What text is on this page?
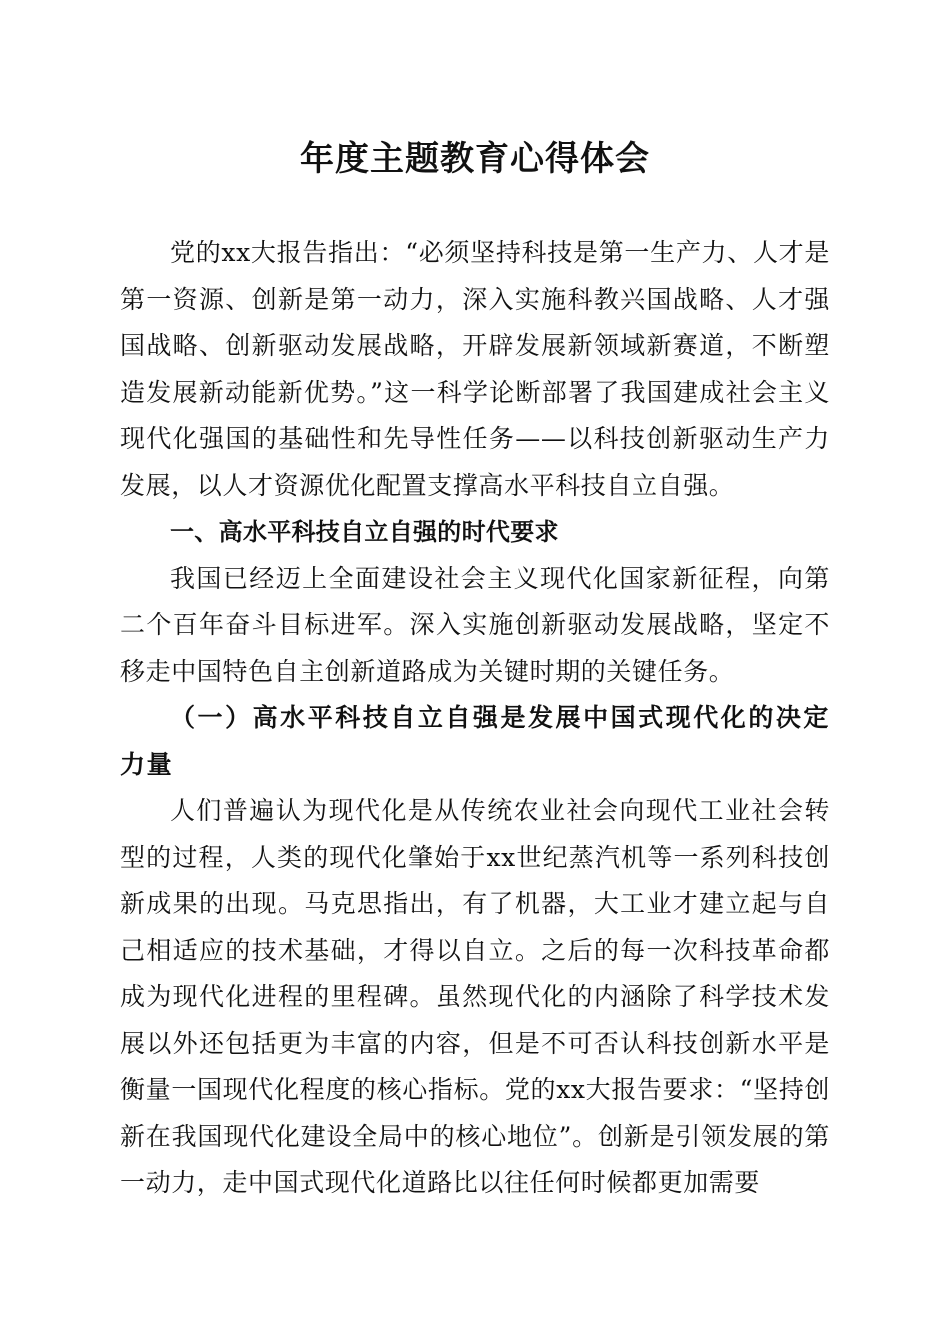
年度主题教育心得体会

党的xx大报告指出：“必须坚持科技是第一生产力、人才是第一资源、创新是第一动力，深入实施科教兴国战略、人才强国战略、创新驱动发展战略，开辟发展新领域新赛道，不断塑造发展新动能新优势。”这一科学论断部署了我国建成社会主义现代化强国的基础性和先导性任务——以科技创新驱动生产力发展，以人才资源优化配置支撑高水平科技自立自强。

一、高水平科技自立自强的时代要求

我国已经迈上全面建设社会主义现代化国家新征程，向第二个百年奋斗目标进军。深入实施创新驱动发展战略，坚定不移走中国特色自主创新道路成为关键时期的关键任务。

（一）高水平科技自立自强是发展中国式现代化的决定力量

人们普遍认为现代化是从传统农业社会向现代工业社会转型的过程，人类的现代化肇始于xx世纪蒸汽机等一系列科技创新成果的出现。马克思指出，有了机器，大工业才建立起与自己相适应的技术基础，才得以自立。之后的每一次科技革命都成为现代化进程的里程碑。虽然现代化的内涵除了科学技术发展以外还包括更为丰富的内容，但是不可否认科技创新水平是衡量一国现代化程度的核心指标。党的xx大报告要求：“坚持创新在我国现代化建设全局中的核心地位”。创新是引领发展的第一动力，走中国式现代化道路比以往任何时候都更加需要
